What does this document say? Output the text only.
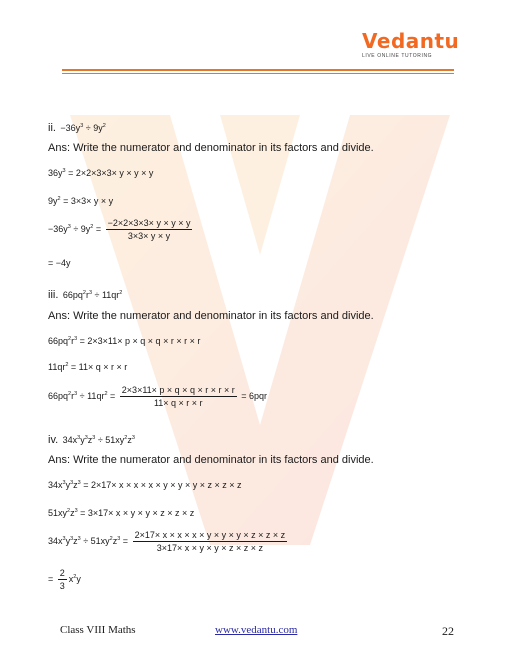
Vedantu
LIVE ONLINE TUTORING
ii. $-36y^3 \div 9y^2$
Ans: Write the numerator and denominator in its factors and divide.
$36y^3 = 2\times 2\times 3\times 3\times y \times y \times y$
$9y^2 = 3\times 3\times y \times y$
$-36y^3 \div 9y^2 = \frac{-2\times 2\times 3\times 3\times y \times y \times y}{3\times 3\times y \times y}$
= −4y
iii. $66pq^2r^3 \div 11qr^2$
Ans: Write the numerator and denominator in its factors and divide.
$66pq^2r^3 = 2\times 3\times 11\times p \times q \times q \times r \times r \times r$
$11qr^2 = 11\times q \times r \times r$
$66pq^2r^3 \div 11qr^2 = \frac{2\times 3\times 11\times p \times q \times q \times r \times r \times r}{11\times q \times r \times r} = 6pqr$
iv. $34x^3y^3z^3 \div 51xy^2z^3$
Ans: Write the numerator and denominator in its factors and divide.
$34x^3y^3z^3 = 2\times 17\times x \times x \times x \times y \times y \times y \times z \times z \times z$
$51xy^2z^3 = 3\times 17\times x \times y \times y \times z \times z \times z$
$34x^3y^3z^3 \div 51xy^2z^3 = \frac{2\times 17\times x \times x \times x \times y \times y \times y \times z \times z \times z}{3\times 17\times x \times y \times y \times z \times z \times z}$
= $\frac{2}{3} x^2y$
Class VIII Maths	www.vedantu.com	22
